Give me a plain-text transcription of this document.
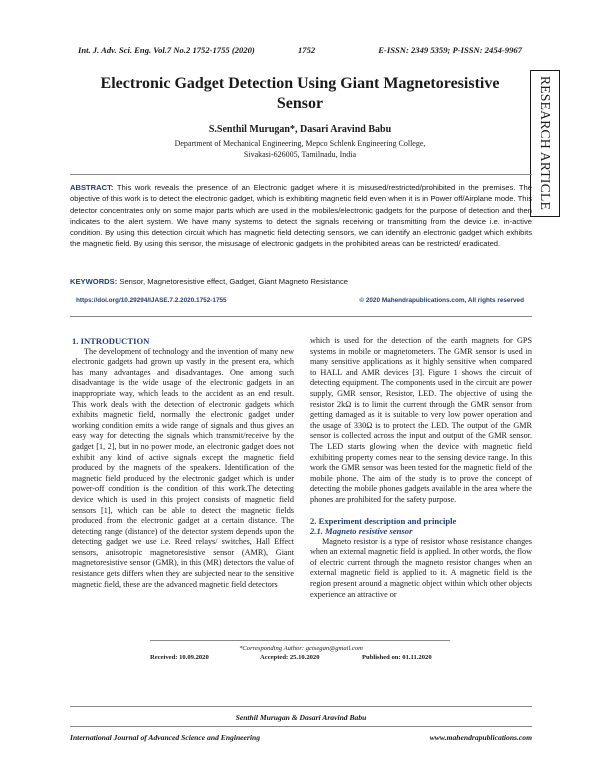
Int. J. Adv. Sci. Eng. Vol.7 No.2 1752-1755 (2020)	1752	E-ISSN: 2349 5359; P-ISSN: 2454-9967
RESEARCH ARTICLE
Electronic Gadget Detection Using Giant Magnetoresistive Sensor
S.Senthil Murugan*, Dasari Aravind Babu
Department of Mechanical Engineering, Mepco Schlenk Engineering College,
Sivakasi-626005, Tamilnadu, India
ABSTRACT: This work reveals the presence of an Electronic gadget where it is misused/restricted/prohibited in the premises. The objective of this work is to detect the electronic gadget, which is exhibiting magnetic field even when it is in Power off/Airplane mode. This detector concentrates only on some major parts which are used in the mobiles/electronic gadgets for the purpose of detection and then indicates to the alert system. We have many systems to detect the signals receiving or transmitting from the device i.e. in-active condition. By using this detection circuit which has magnetic field detecting sensors, we can identify an electronic gadget which exhibits the magnetic field. By using this sensor, the misusage of electronic gadgets in the prohibited areas can be restricted/ eradicated.
KEYWORDS: Sensor, Magnetoresistive effect, Gadget, Giant Magneto Resistance
https://doi.org/10.29294/IJASE.7.2.2020.1752-1755	© 2020 Mahendrapublications.com, All rights reserved
1. INTRODUCTION

The development of technology and the invention of many new electronic gadgets had grown up vastly in the present era, which has many advantages and disadvantages. One among such disadvantage is the wide usage of the electronic gadgets in an inappropriate way, which leads to the accident as an end result. This work deals with the detection of electronic gadgets which exhibits magnetic field, normally the electronic gadget under working condition emits a wide range of signals and thus gives an easy way for detecting the signals which transmit/receive by the gadget [1, 2], but in no power mode, an electronic gadget does not exhibit any kind of active signals except the magnetic field produced by the magnets of the speakers. Identification of the magnetic field produced by the electronic gadget which is under power-off condition is the condition of this work.The detecting device which is used in this project consists of magnetic field sensors [1], which can be able to detect the magnetic fields produced from the electronic gadget at a certain distance. The detecting range (distance) of the detector system depends upon the detecting gadget we use i.e. Reed relays/ switches, Hall Effect sensors, anisotropic magnetoresistive sensor (AMR), Giant magnetoresistive sensor (GMR), in this (MR) detectors the value of resistance gets differs when they are subjected near to the sensitive magnetic field, these are the advanced magnetic field detectors

which is used for the detection of the earth magnets for GPS systems in mobile or magnetometers. The GMR sensor is used in many sensitive applications as it highly sensitive when compared to HALL and AMR devices [3]. Figure 1 shows the circuit of detecting equipment. The components used in the circuit are power supply, GMR sensor, Resistor, LED. The objective of using the resistor 2kΩ is to limit the current through the GMR sensor from getting damaged as it is suitable to very low power operation and the usage of 330Ω is to protect the LED. The output of the GMR sensor is collected across the input and output of the GMR sensor. The LED starts glowing when the device with magnetic field exhibiting property comes near to the sensing device range. In this work the GMR sensor was been tested for the magnetic field of the mobile phone. The aim of the study is to prove the concept of detecting the mobile phones gadgets available in the area where the phones are prohibited for the safety purpose.

2. Experiment description and principle
2.1. Magneto resistive sensor

Magneto resistor is a type of resistor whose resistance changes when an external magnetic field is applied. In other words, the flow of electric current through the magneto resistor changes when an external magnetic field is applied to it. A magnetic field is the region present around a magnetic object within which other objects experience an attractive or

*Corresponding Author: gctsegan@gmail.com
Received: 10.09.2020	Accepted: 25.10.2020	Published on: 01.11.2020
Senthil Murugan & Dasari Aravind Babu
International Journal of Advanced Science and Engineering	www.mahendrapublications.com
